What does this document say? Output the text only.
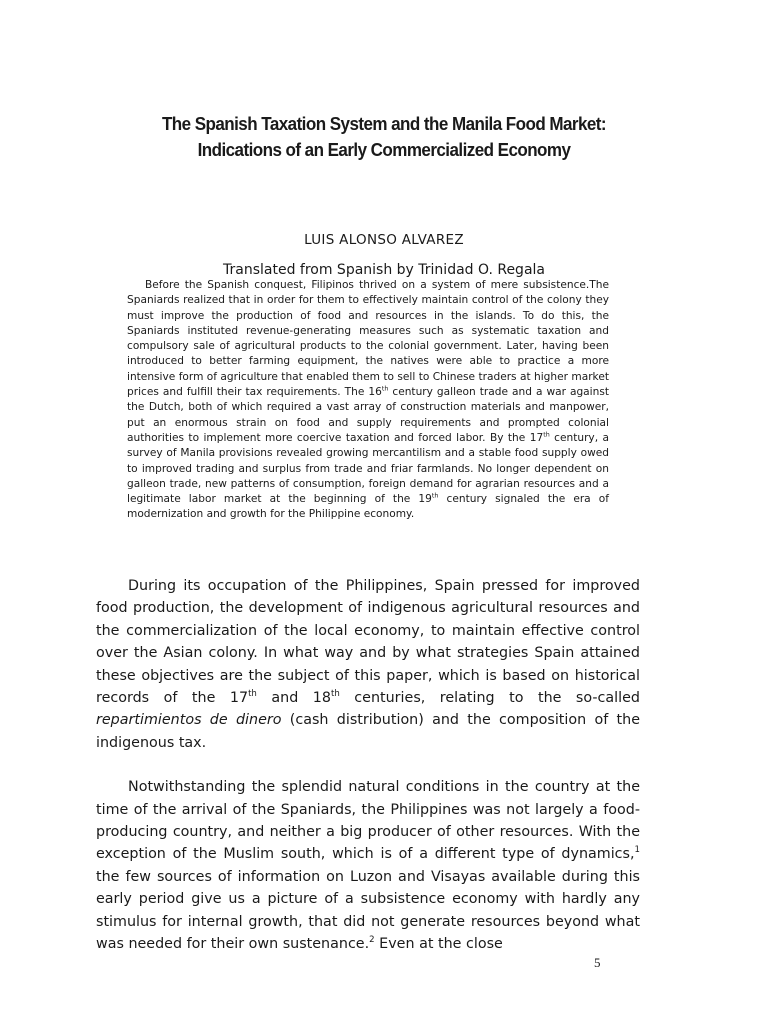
The Spanish Taxation System and the Manila Food Market:
Indications of an Early Commercialized Economy
LUIS ALONSO ALVAREZ
Translated from Spanish by Trinidad O. Regala

Before the Spanish conquest, Filipinos thrived on a system of mere subsistence.The Spaniards realized that in order for them to effectively maintain control of the colony they must improve the production of food and resources in the islands. To do this, the Spaniards instituted revenue-generating measures such as systematic taxation and compulsory sale of agricultural products to the colonial government. Later, having been introduced to better farming equipment, the natives were able to practice a more intensive form of agriculture that enabled them to sell to Chinese traders at higher market prices and fulfill their tax requirements. The 16th century galleon trade and a war against the Dutch, both of which required a vast array of construction materials and manpower, put an enormous strain on food and supply requirements and prompted colonial authorities to implement more coercive taxation and forced labor. By the 17th century, a survey of Manila provisions revealed growing mercantilism and a stable food supply owed to improved trading and surplus from trade and friar farmlands. No longer dependent on galleon trade, new patterns of consumption, foreign demand for agrarian resources and a legitimate labor market at the beginning of the 19th century signaled the era of modernization and growth for the Philippine economy.

During its occupation of the Philippines, Spain pressed for improved food production, the development of indigenous agricultural resources and the commercialization of the local economy, to maintain effective control over the Asian colony. In what way and by what strategies Spain attained these objectives are the subject of this paper, which is based on historical records of the 17th and 18th centuries, relating to the so-called repartimientos de dinero (cash distribution) and the composition of the indigenous tax.

Notwithstanding the splendid natural conditions in the country at the time of the arrival of the Spaniards, the Philippines was not largely a food-producing country, and neither a big producer of other resources. With the exception of the Muslim south, which is of a different type of dynamics,$^1$ the few sources of information on Luzon and Visayas available during this early period give us a picture of a subsistence economy with hardly any stimulus for internal growth, that did not generate resources beyond what was needed for their own sustenance.$^2$ Even at the close

5
